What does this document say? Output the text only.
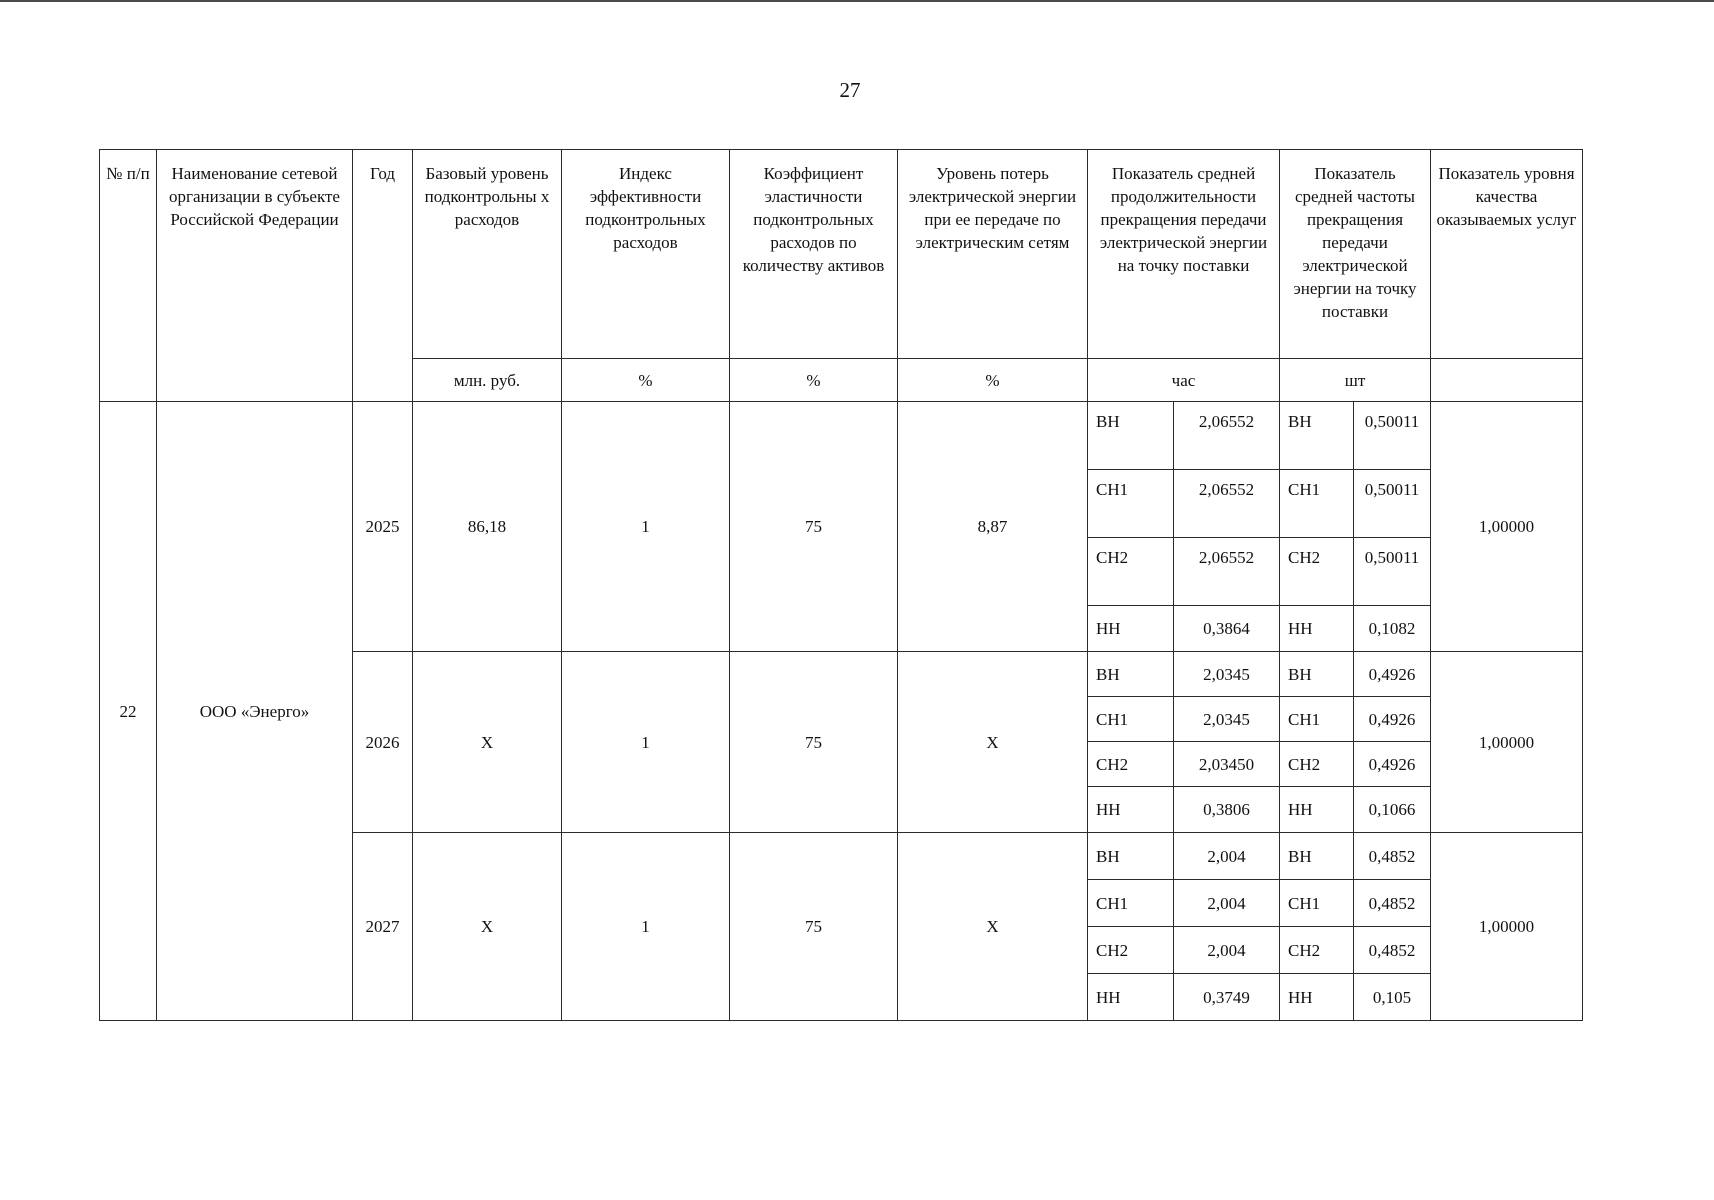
27
№ п/п	Наименование сетевой организации в субъекте Российской Федерации	Год	Базовый уровень подконтрольны х расходов	Индекс эффективности подконтрольных расходов	Коэффициент эластичности подконтрольных расходов по количеству активов	Уровень потерь электрической энергии при ее передаче по электрическим сетям	Показатель средней продолжительности прекращения передачи электрической энергии на точку поставки		Показатель средней частоты прекращения передачи электрической энергии на точку поставки		Показатель уровня качества оказываемых услуг
			млн. руб.	%	%	%	час		шт		
22	ООО «Энерго»	2025	86,18	1	75	8,87	ВН	2,06552	ВН	0,50011	1,00000
							СН1	2,06552	СН1	0,50011	
							СН2	2,06552	СН2	0,50011	
							НН	0,3864	НН	0,1082	
		2026	X	1	75	X	ВН	2,0345	ВН	0,4926	1,00000
							СН1	2,0345	СН1	0,4926	
							СН2	2,03450	СН2	0,4926	
							НН	0,3806	НН	0,1066	
		2027	X	1	75	X	ВН	2,004	ВН	0,4852	1,00000
							СН1	2,004	СН1	0,4852	
							СН2	2,004	СН2	0,4852	
							НН	0,3749	НН	0,105	
